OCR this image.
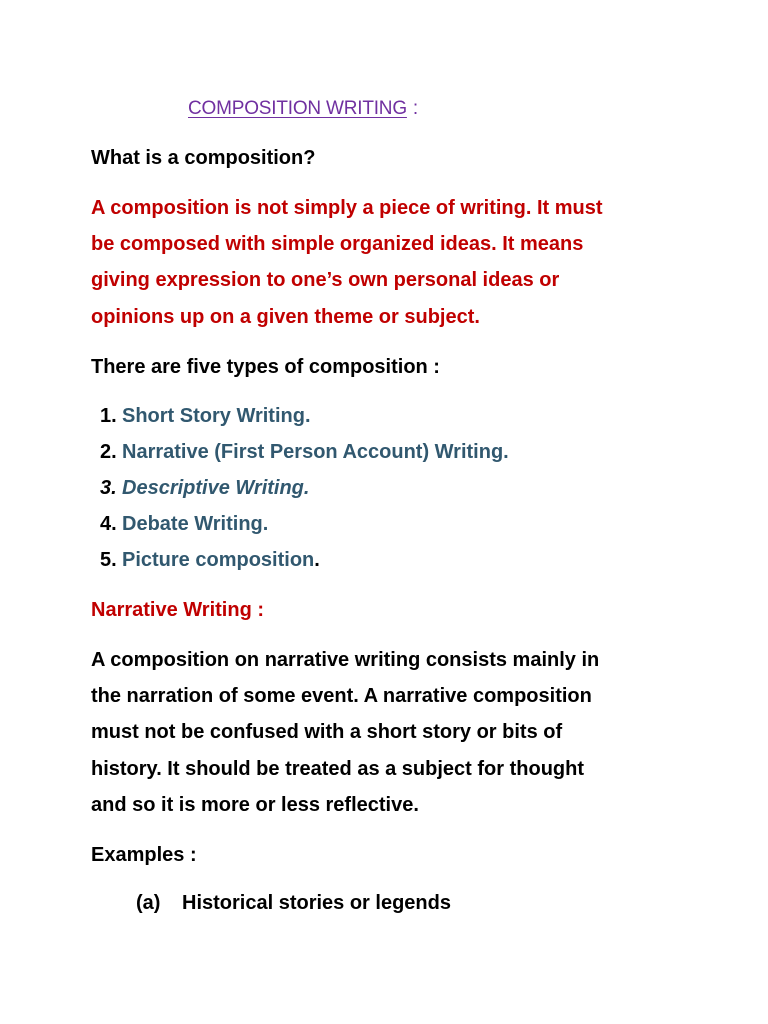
COMPOSITION WRITING :
What is a composition?
A composition is not simply a piece of writing. It must
be composed with simple organized ideas. It means
giving expression to one’s own personal ideas or
opinions up on a given theme or subject.
There are five types of composition :
1. Short Story Writing.
2. Narrative (First Person Account) Writing.
3. Descriptive Writing.
4. Debate Writing.
5. Picture composition.
Narrative Writing :
A composition on narrative writing consists mainly in
the narration of some event. A narrative composition
must not be confused with a short story or bits of
history. It should be treated as a subject for thought
and so it is more or less reflective.
Examples :
(a) Historical stories or legends
